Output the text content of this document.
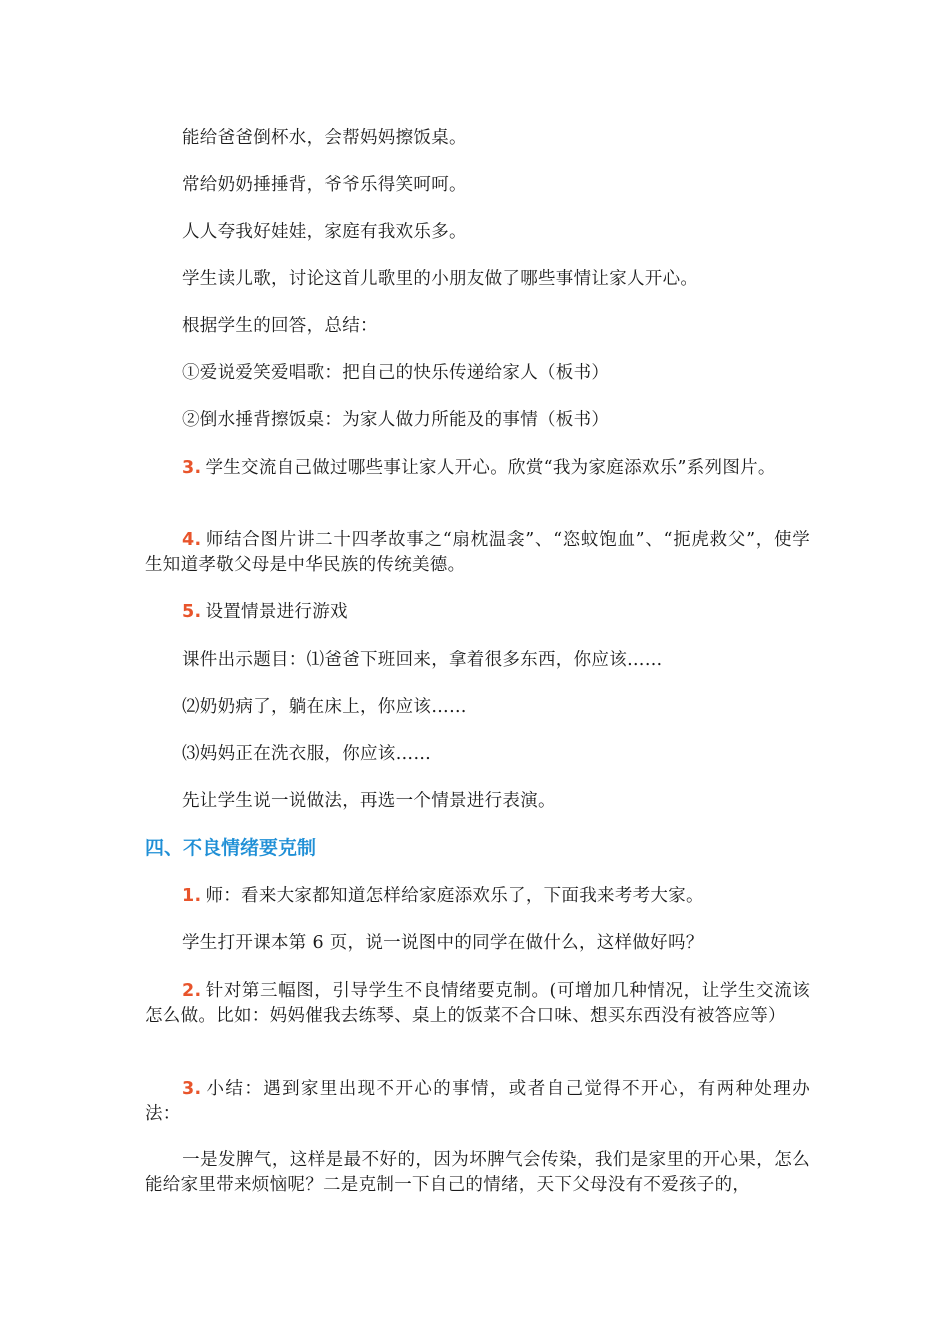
能给爸爸倒杯水，会帮妈妈擦饭桌。
常给奶奶捶捶背，爷爷乐得笑呵呵。
人人夸我好娃娃，家庭有我欢乐多。
学生读儿歌，讨论这首儿歌里的小朋友做了哪些事情让家人开心。
根据学生的回答，总结：
①爱说爱笑爱唱歌：把自己的快乐传递给家人（板书）
②倒水捶背擦饭桌：为家人做力所能及的事情（板书）
3. 学生交流自己做过哪些事让家人开心。欣赏“我为家庭添欢乐”系列图片。
4. 师结合图片讲二十四孝故事之“扇枕温衾”、“恣蚊饱血”、“扼虎救父”，使学生知道孝敬父母是中华民族的传统美德。
5. 设置情景进行游戏
课件出示题目：⑴爸爸下班回来，拿着很多东西，你应该……
⑵奶奶病了，躺在床上，你应该……
⑶妈妈正在洗衣服，你应该……
先让学生说一说做法，再选一个情景进行表演。
四、不良情绪要克制
1. 师：看来大家都知道怎样给家庭添欢乐了，下面我来考考大家。
学生打开课本第 6 页，说一说图中的同学在做什么，这样做好吗？
2. 针对第三幅图，引导学生不良情绪要克制。(可增加几种情况，让学生交流该怎么做。比如：妈妈催我去练琴、桌上的饭菜不合口味、想买东西没有被答应等）
3. 小结：遇到家里出现不开心的事情，或者自己觉得不开心，有两种处理办法：
一是发脾气，这样是最不好的，因为坏脾气会传染，我们是家里的开心果，怎么能给家里带来烦恼呢？二是克制一下自己的情绪，天下父母没有不爱孩子的，
